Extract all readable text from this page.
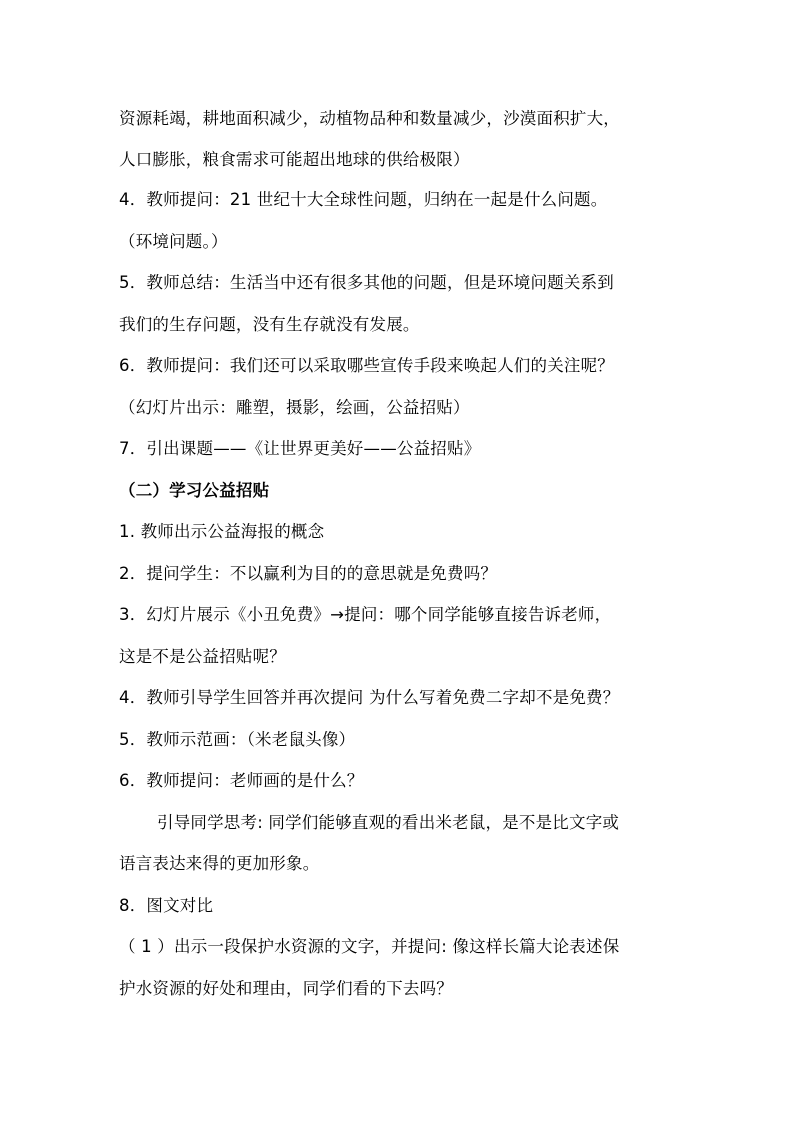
资源耗竭，耕地面积减少，动植物品种和数量减少，沙漠面积扩大，
人口膨胀，粮食需求可能超出地球的供给极限）
4．教师提问：21 世纪十大全球性问题，归纳在一起是什么问题。
（环境问题。）
5．教师总结：生活当中还有很多其他的问题，但是环境问题关系到
我们的生存问题，没有生存就没有发展。
6．教师提问：我们还可以采取哪些宣传手段来唤起人们的关注呢？
（幻灯片出示：雕塑，摄影，绘画，公益招贴）
7．引出课题——《让世界更美好——公益招贴》
（二）学习公益招贴
1. 教师出示公益海报的概念
2．提问学生：不以赢利为目的的意思就是免费吗？
3．幻灯片展示《小丑免费》→提问：哪个同学能够直接告诉老师，
这是不是公益招贴呢？
4．教师引导学生回答并再次提问 为什么写着免费二字却不是免费？
5．教师示范画：（米老鼠头像）
6．教师提问：老师画的是什么？
引导同学思考: 同学们能够直观的看出米老鼠，是不是比文字或
语言表达来得的更加形象。
8．图文对比
（ 1 ）出示一段保护水资源的文字，并提问: 像这样长篇大论表述保
护水资源的好处和理由，同学们看的下去吗？
